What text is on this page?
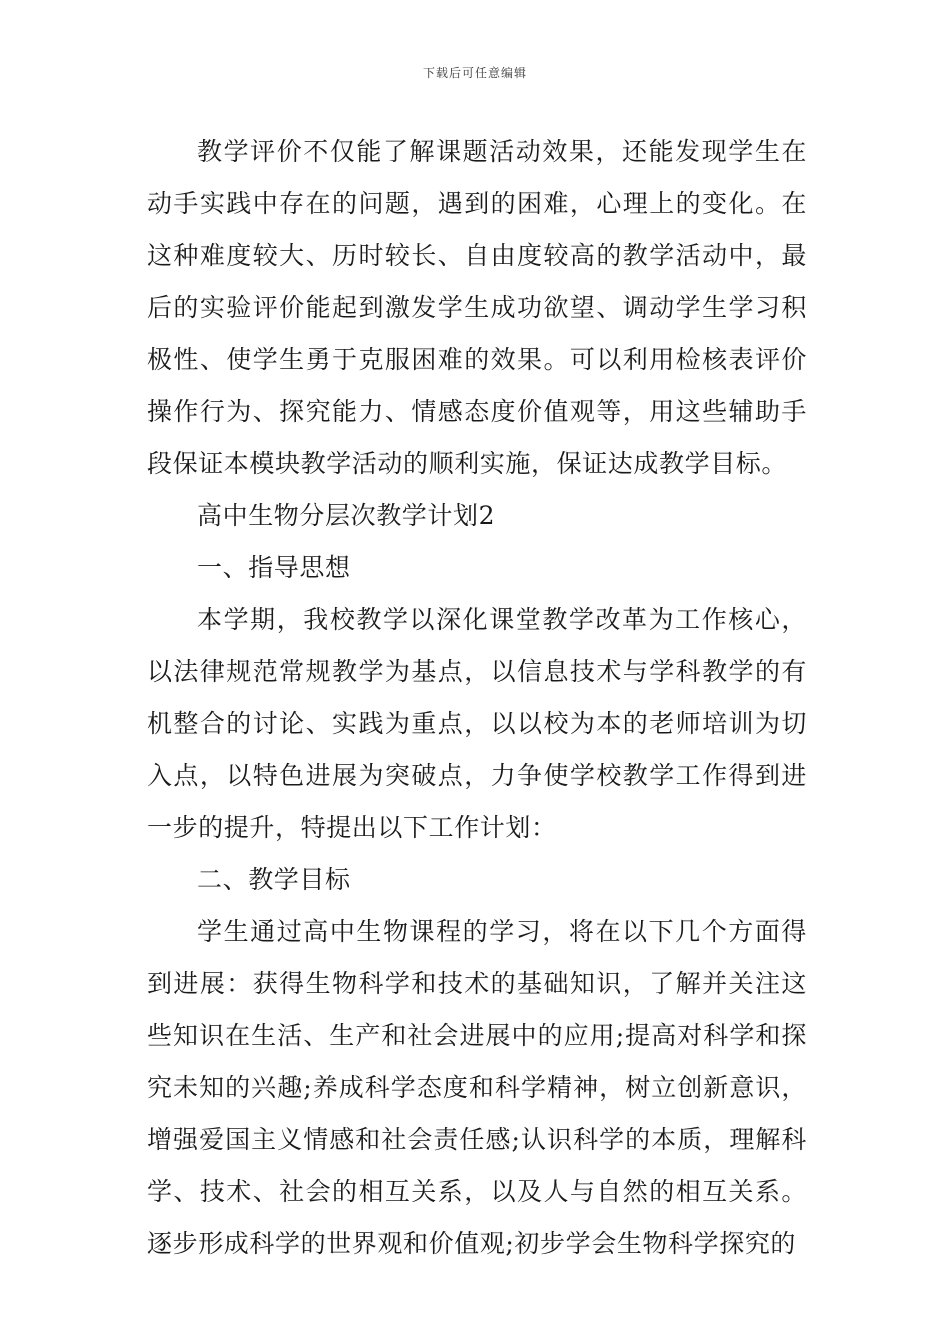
下载后可任意编辑

教学评价不仅能了解课题活动效果，还能发现学生在动手实践中存在的问题，遇到的困难，心理上的变化。在这种难度较大、历时较长、自由度较高的教学活动中，最后的实验评价能起到激发学生成功欲望、调动学生学习积极性、使学生勇于克服困难的效果。可以利用检核表评价操作行为、探究能力、情感态度价值观等，用这些辅助手段保证本模块教学活动的顺利实施，保证达成教学目标。

高中生物分层次教学计划2

一、指导思想

本学期，我校教学以深化课堂教学改革为工作核心，以法律规范常规教学为基点，以信息技术与学科教学的有机整合的讨论、实践为重点，以以校为本的老师培训为切入点，以特色进展为突破点，力争使学校教学工作得到进一步的提升，特提出以下工作计划：

二、教学目标

学生通过高中生物课程的学习，将在以下几个方面得到进展：获得生物科学和技术的基础知识，了解并关注这些知识在生活、生产和社会进展中的应用;提高对科学和探究未知的兴趣;养成科学态度和科学精神，树立创新意识，增强爱国主义情感和社会责任感;认识科学的本质，理解科学、技术、社会的相互关系，以及人与自然的相互关系。逐步形成科学的世界观和价值观;初步学会生物科学探究的
